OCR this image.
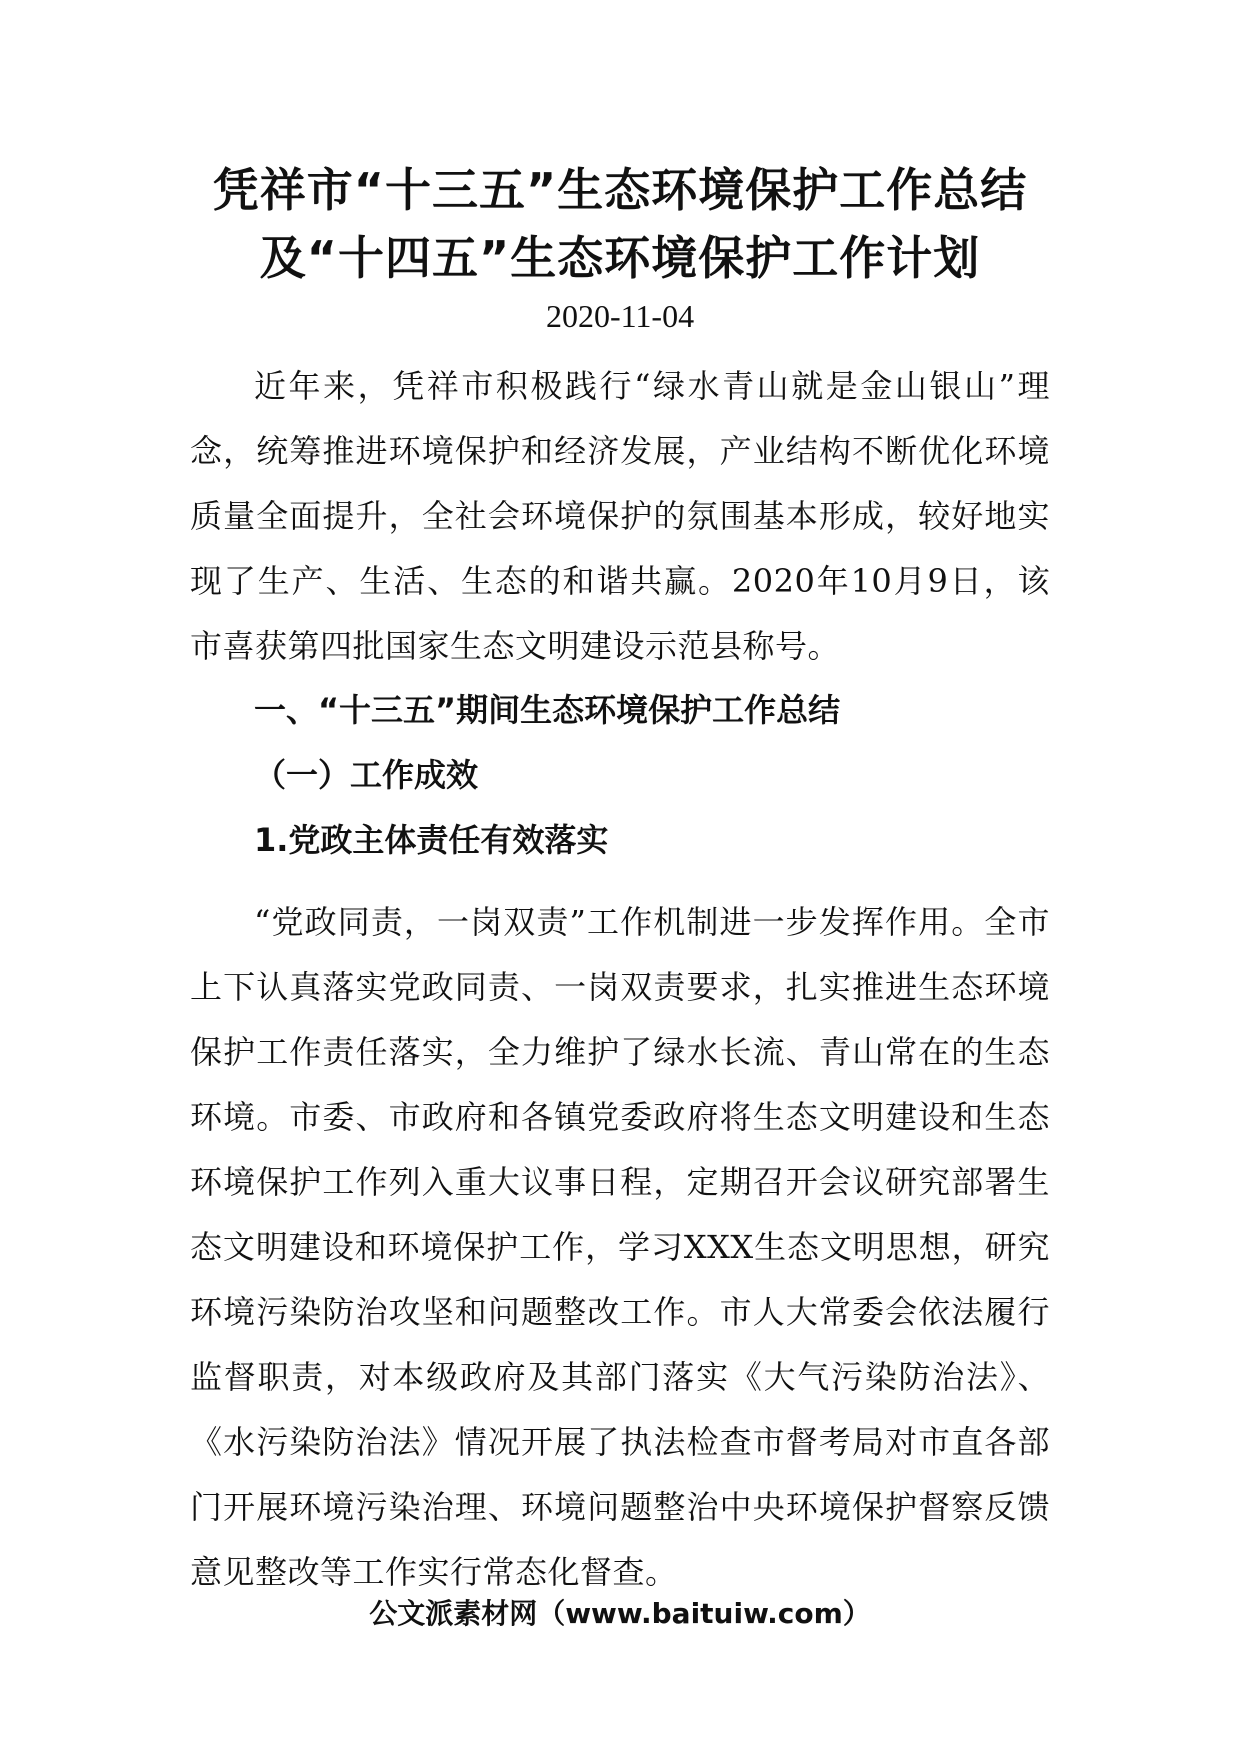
凭祥市“十三五”生态环境保护工作总结
及“十四五”生态环境保护工作计划
2020-11-04

近年来，凭祥市积极践行“绿水青山就是金山银山”理念，统筹推进环境保护和经济发展，产业结构不断优化环境质量全面提升，全社会环境保护的氛围基本形成，较好地实现了生产、生活、生态的和谐共赢。2020年10月9日，该市喜获第四批国家生态文明建设示范县称号。

一、“十三五”期间生态环境保护工作总结
（一）工作成效
1.党政主体责任有效落实

“党政同责，一岗双责”工作机制进一步发挥作用。全市上下认真落实党政同责、一岗双责要求，扎实推进生态环境保护工作责任落实，全力维护了绿水长流、青山常在的生态环境。市委、市政府和各镇党委政府将生态文明建设和生态环境保护工作列入重大议事日程，定期召开会议研究部署生态文明建设和环境保护工作，学习XXX生态文明思想，研究环境污染防治攻坚和问题整改工作。市人大常委会依法履行监督职责，对本级政府及其部门落实《大气污染防治法》、《水污染防治法》情况开展了执法检查市督考局对市直各部门开展环境污染治理、环境问题整治中央环境保护督察反馈意见整改等工作实行常态化督查。

公文派素材网（www.baituiw.com）
